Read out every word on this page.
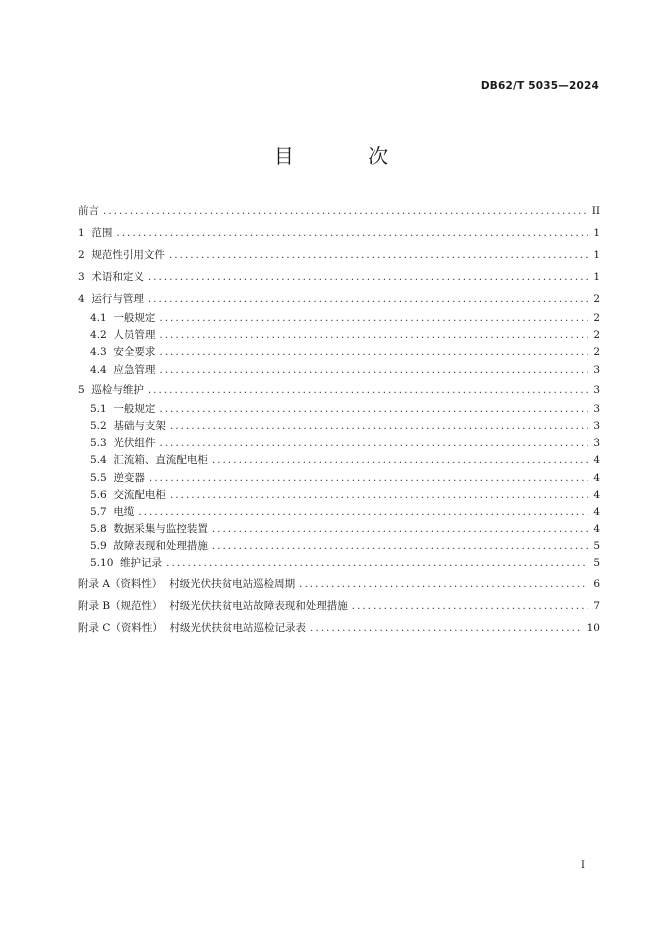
DB62/T 5035—2024
目 次
前言 .....	II
1  范围 .....	1
2  规范性引用文件 .....	1
3  术语和定义 .....	1
4  运行与管理 .....	2
4.1  一般规定 .....	2
4.2  人员管理 .....	2
4.3  安全要求 .....	2
4.4  应急管理 .....	3
5  巡检与维护 .....	3
5.1  一般规定 .....	3
5.2  基础与支架 .....	3
5.3  光伏组件 .....	3
5.4  汇流箱、直流配电柜 .....	4
5.5  逆变器 .....	4
5.6  交流配电柜 .....	4
5.7  电缆 .....	4
5.8  数据采集与监控装置 .....	4
5.9  故障表现和处理措施 .....	5
5.10  维护记录 .....	5
附录 A（资料性）  村级光伏扶贫电站巡检周期 .....	6
附录 B（规范性）  村级光伏扶贫电站故障表现和处理措施 .....	7
附录 C（资料性）  村级光伏扶贫电站巡检记录表 .....	10
I
